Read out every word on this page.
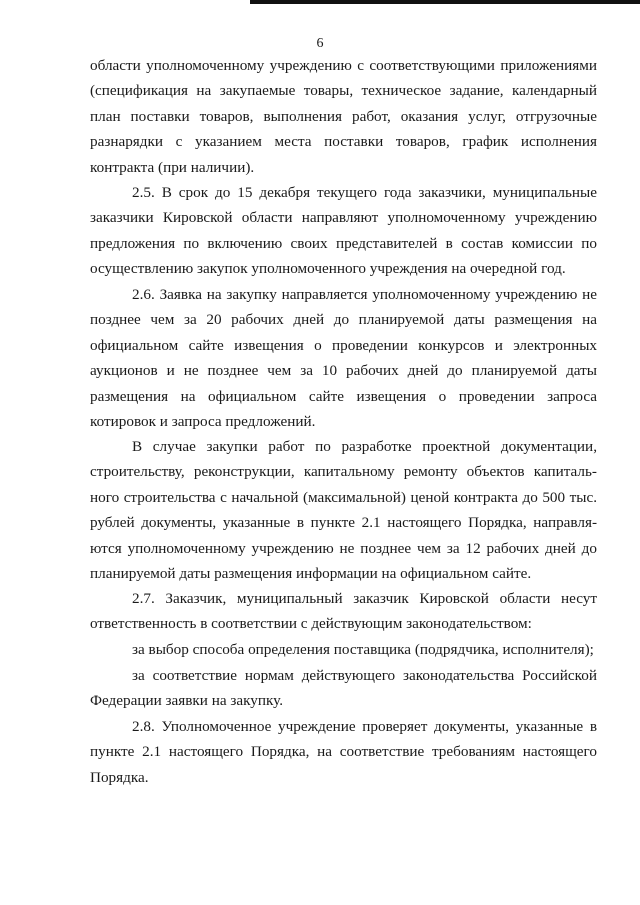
6

области уполномоченному учреждению с соответствующими приложениями (спецификация на закупаемые товары, техническое задание, календарный план поставки товаров, выполнения работ, оказания услуг, отгрузочные разнарядки с указанием места поставки товаров, график исполнения контракта (при наличии).

2.5. В срок до 15 декабря текущего года заказчики, муниципальные заказчики Кировской области направляют уполномоченному учреждению предложения по включению своих представителей в состав комиссии по осуществлению закупок уполномоченного учреждения на очередной год.

2.6. Заявка на закупку направляется уполномоченному учреждению не позднее чем за 20 рабочих дней до планируемой даты размещения на официальном сайте извещения о проведении конкурсов и электронных аукционов и не позднее чем за 10 рабочих дней до планируемой даты размещения на официальном сайте извещения о проведении запроса котировок и запроса предложений.

В случае закупки работ по разработке проектной документации, строительству, реконструкции, капитальному ремонту объектов капиталь-ного строительства с начальной (максимальной) ценой контракта до 500 тыс. рублей документы, указанные в пункте 2.1 настоящего Порядка, направля-ются уполномоченному учреждению не позднее чем за 12 рабочих дней до планируемой даты размещения информации на официальном сайте.

2.7. Заказчик, муниципальный заказчик Кировской области несут ответственность в соответствии с действующим законодательством:

за выбор способа определения поставщика (подрядчика, исполнителя);

за соответствие нормам действующего законодательства Российской Федерации заявки на закупку.

2.8. Уполномоченное учреждение проверяет документы, указанные в пункте 2.1 настоящего Порядка, на соответствие требованиям настоящего Порядка.
